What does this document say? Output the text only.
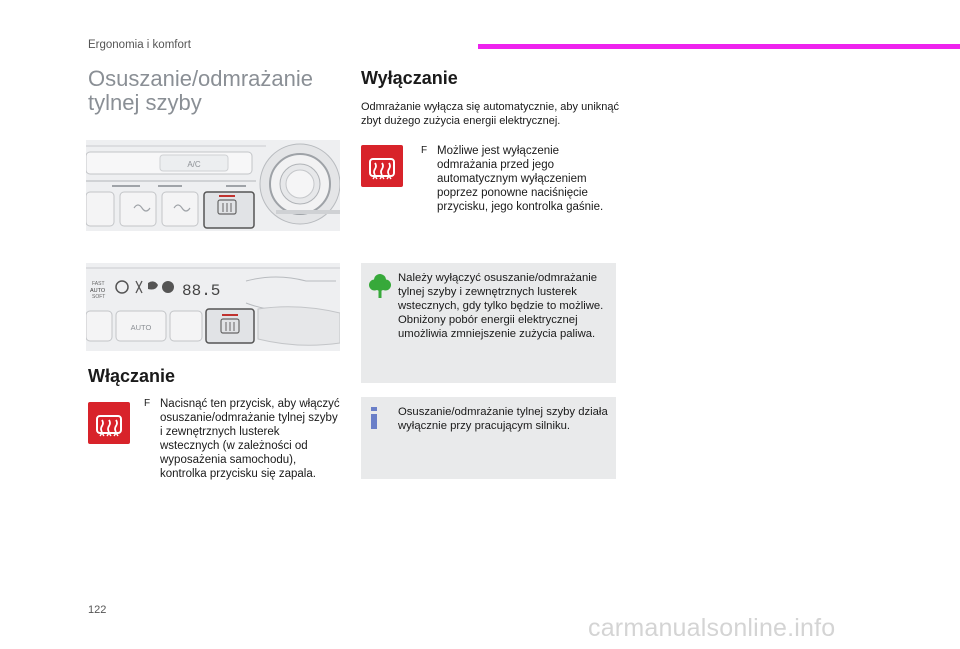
Ergonomia i komfort
Osuszanie/odmrażanie
tylnej szyby
A/C
FAST
AUTO
SOFT	88.5
AUTO
Włączanie
F Nacisnąć ten przycisk, aby włączyć osuszanie/odmrażanie tylnej szyby i zewnętrznych lusterek wstecznych (w zależności od wyposażenia samochodu), kontrolka przycisku się zapala.
Wyłączanie

Odmrażanie wyłącza się automatycznie, aby uniknąć zbyt dużego zużycia energii elektrycznej.

F Możliwe jest wyłączenie odmrażania przed jego automatycznym wyłączeniem poprzez ponowne naciśnięcie przycisku, jego kontrolka gaśnie.

Należy wyłączyć osuszanie/odmrażanie tylnej szyby i zewnętrznych lusterek wstecznych, gdy tylko będzie to możliwe. Obniżony pobór energii elektrycznej umożliwia zmniejszenie zużycia paliwa.

Osuszanie/odmrażanie tylnej szyby działa wyłącznie przy pracującym silniku.

122
carmanualsonline.info
